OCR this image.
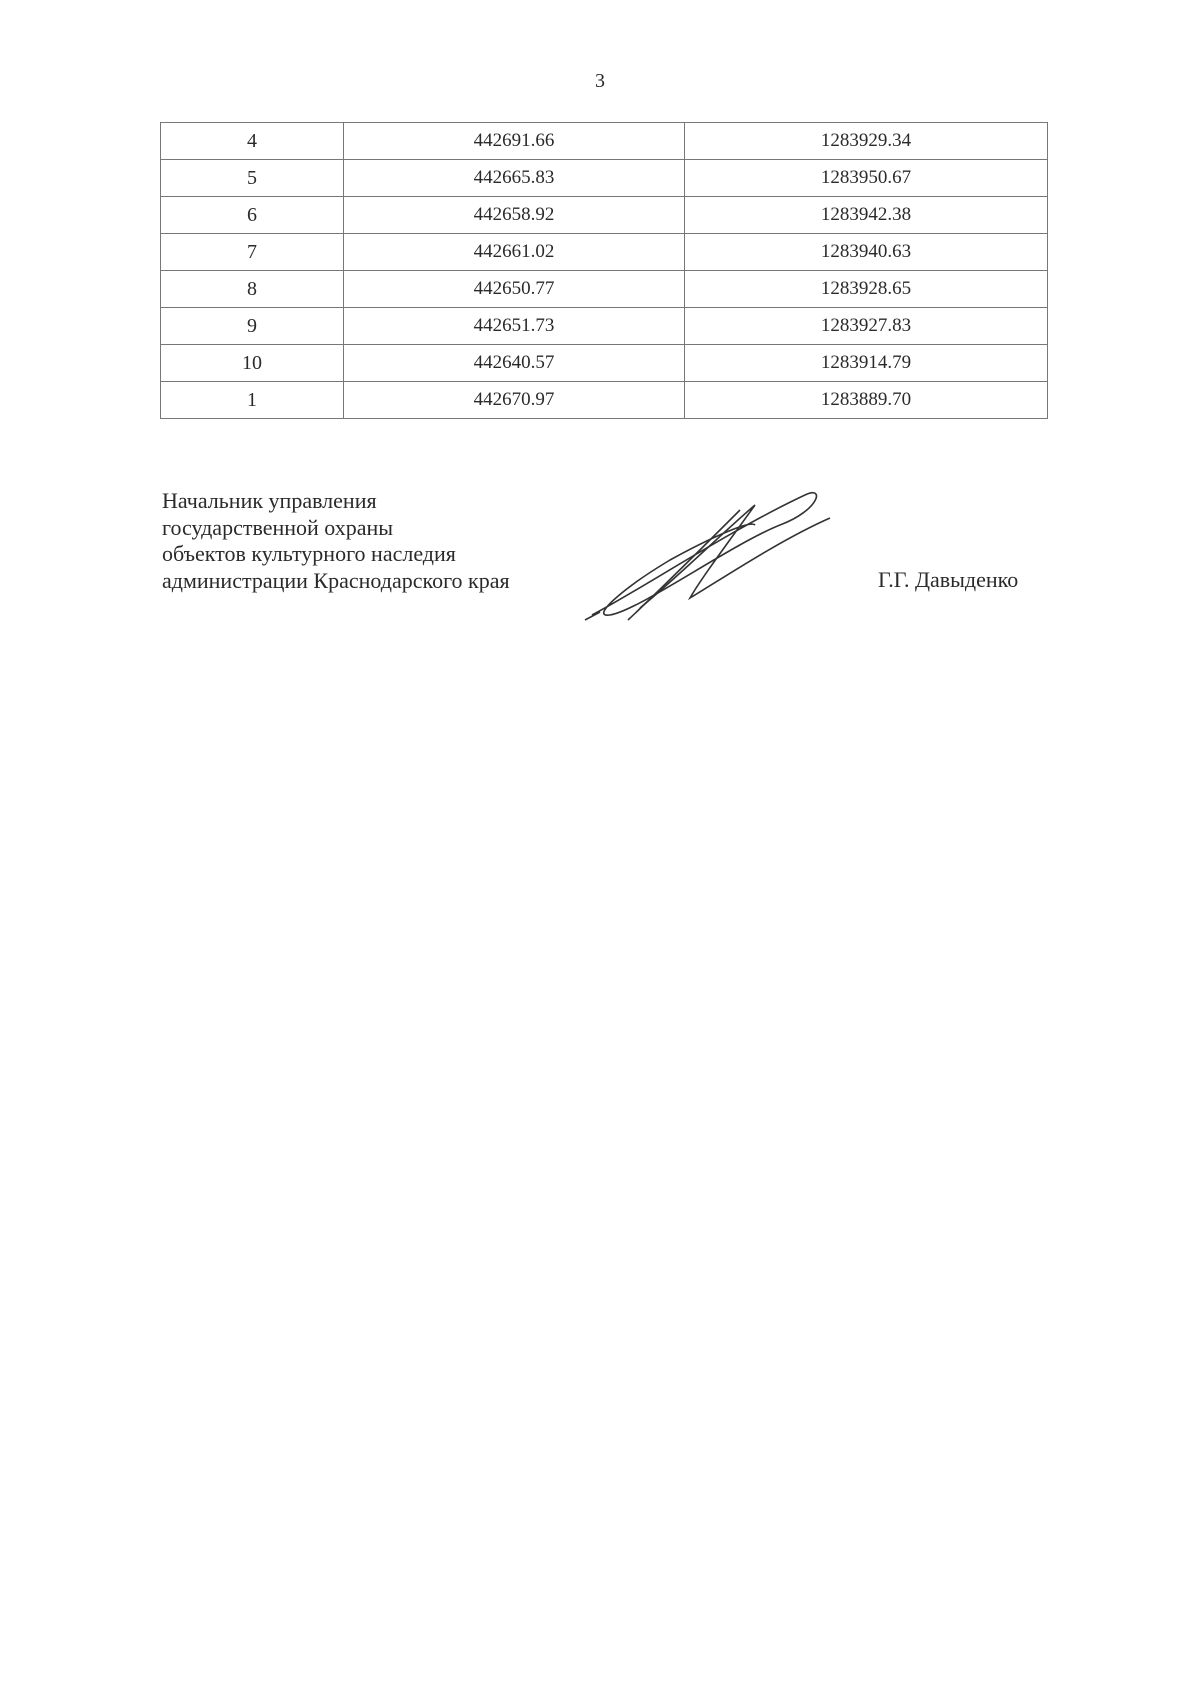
3
4	442691.66	1283929.34
5	442665.83	1283950.67
6	442658.92	1283942.38
7	442661.02	1283940.63
8	442650.77	1283928.65
9	442651.73	1283927.83
10	442640.57	1283914.79
1	442670.97	1283889.70
Начальник управления
государственной охраны
объектов культурного наследия
администрации Краснодарского края	Г.Г. Давыденко
